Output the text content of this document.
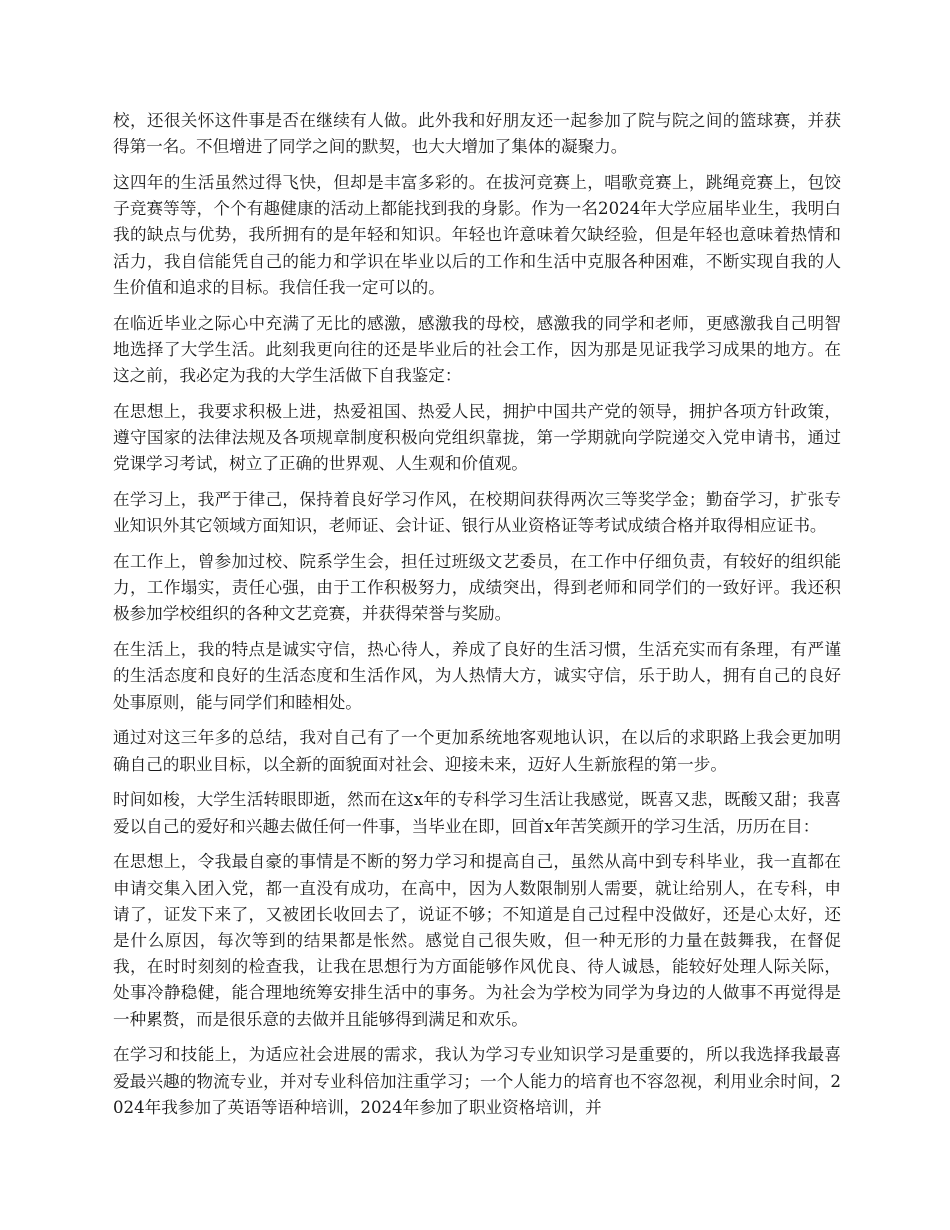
校，还很关怀这件事是否在继续有人做。此外我和好朋友还一起参加了院与院之间的篮球赛，并获得第一名。不但增进了同学之间的默契，也大大增加了集体的凝聚力。

这四年的生活虽然过得飞快，但却是丰富多彩的。在拔河竞赛上，唱歌竞赛上，跳绳竞赛上，包饺子竞赛等等，个个有趣健康的活动上都能找到我的身影。作为一名2024年大学应届毕业生，我明白我的缺点与优势，我所拥有的是年轻和知识。年轻也许意味着欠缺经验，但是年轻也意味着热情和活力，我自信能凭自己的能力和学识在毕业以后的工作和生活中克服各种困难，不断实现自我的人生价值和追求的目标。我信任我一定可以的。

在临近毕业之际心中充满了无比的感激，感激我的母校，感激我的同学和老师，更感激我自己明智地选择了大学生活。此刻我更向往的还是毕业后的社会工作，因为那是见证我学习成果的地方。在这之前，我必定为我的大学生活做下自我鉴定：

在思想上，我要求积极上进，热爱祖国、热爱人民，拥护中国共产党的领导，拥护各项方针政策，遵守国家的法律法规及各项规章制度积极向党组织靠拢，第一学期就向学院递交入党申请书，通过党课学习考试，树立了正确的世界观、人生观和价值观。

在学习上，我严于律己，保持着良好学习作风，在校期间获得两次三等奖学金；勤奋学习，扩张专业知识外其它领域方面知识，老师证、会计证、银行从业资格证等考试成绩合格并取得相应证书。

在工作上，曾参加过校、院系学生会，担任过班级文艺委员，在工作中仔细负责，有较好的组织能力，工作塌实，责任心强，由于工作积极努力，成绩突出，得到老师和同学们的一致好评。我还积极参加学校组织的各种文艺竞赛，并获得荣誉与奖励。

在生活上，我的特点是诚实守信，热心待人，养成了良好的生活习惯，生活充实而有条理，有严谨的生活态度和良好的生活态度和生活作风，为人热情大方，诚实守信，乐于助人，拥有自己的良好处事原则，能与同学们和睦相处。

通过对这三年多的总结，我对自己有了一个更加系统地客观地认识，在以后的求职路上我会更加明确自己的职业目标，以全新的面貌面对社会、迎接未来，迈好人生新旅程的第一步。

时间如梭，大学生活转眼即逝，然而在这x年的专科学习生活让我感觉，既喜又悲，既酸又甜；我喜爱以自己的爱好和兴趣去做任何一件事，当毕业在即，回首x年苦笑颜开的学习生活，历历在目：

在思想上，令我最自豪的事情是不断的努力学习和提高自己，虽然从高中到专科毕业，我一直都在申请交集入团入党，都一直没有成功，在高中，因为人数限制别人需要，就让给别人，在专科，申请了，证发下来了，又被团长收回去了，说证不够；不知道是自己过程中没做好，还是心太好，还是什么原因，每次等到的结果都是怅然。感觉自己很失败，但一种无形的力量在鼓舞我，在督促我，在时时刻刻的检查我，让我在思想行为方面能够作风优良、待人诚恳，能较好处理人际关际，处事冷静稳健，能合理地统筹安排生活中的事务。为社会为学校为同学为身边的人做事不再觉得是一种累赘，而是很乐意的去做并且能够得到满足和欢乐。

在学习和技能上，为适应社会进展的需求，我认为学习专业知识学习是重要的，所以我选择我最喜爱最兴趣的物流专业，并对专业科倍加注重学习；一个人能力的培育也不容忽视，利用业余时间，2024年我参加了英语等语种培训，2024年参加了职业资格培训，并
